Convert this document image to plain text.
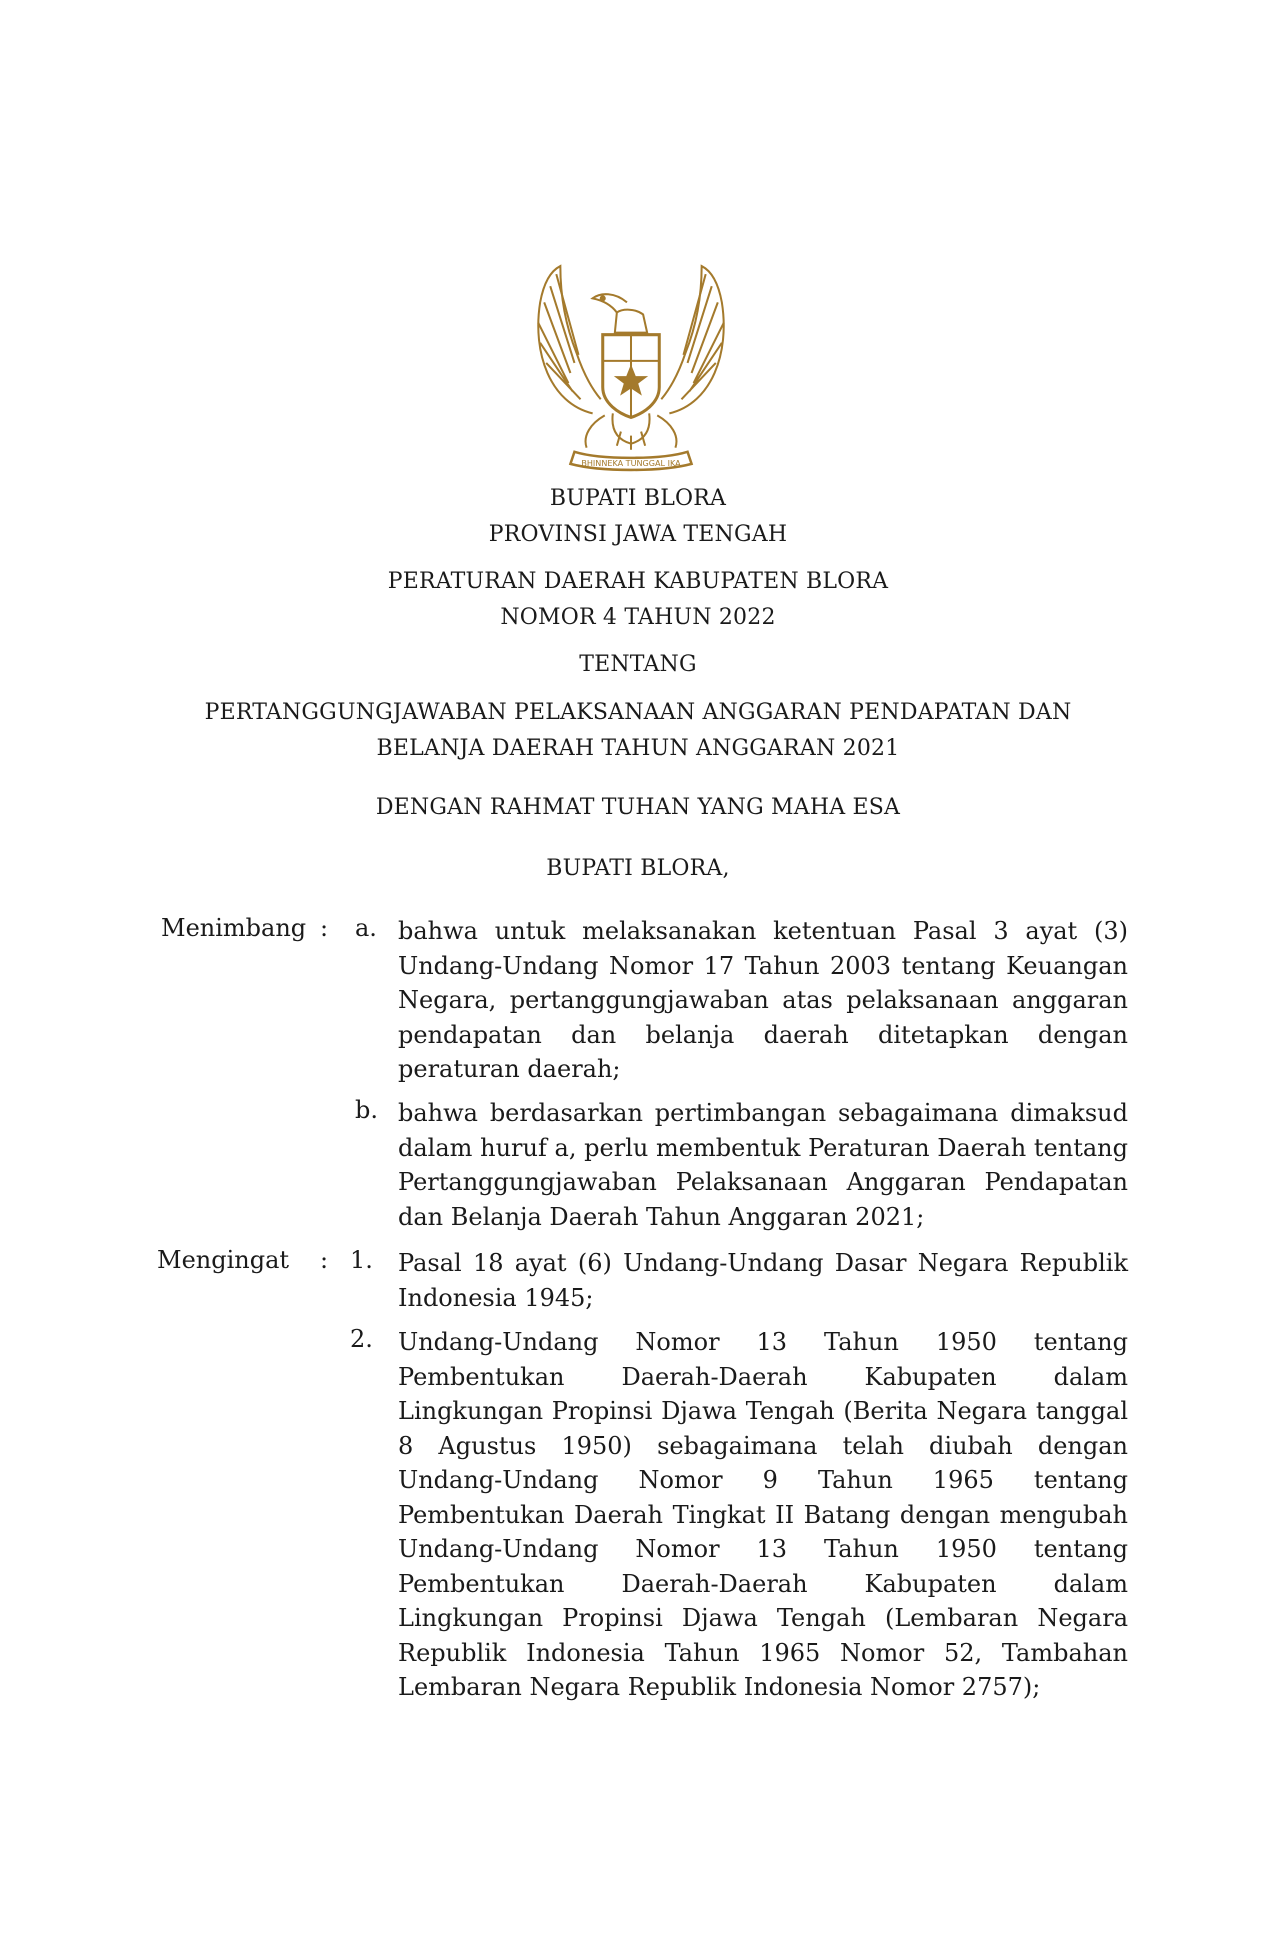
BHINNEKA TUNGGAL IKA
BUPATI BLORA
PROVINSI JAWA TENGAH
PERATURAN DAERAH KABUPATEN BLORA
NOMOR 4 TAHUN 2022
TENTANG
PERTANGGUNGJAWABAN PELAKSANAAN ANGGARAN PENDAPATAN DAN
BELANJA DAERAH TAHUN ANGGARAN 2021
DENGAN RAHMAT TUHAN YANG MAHA ESA
BUPATI BLORA,
Menimbang : a. bahwa untuk melaksanakan ketentuan Pasal 3 ayat (3) Undang-Undang Nomor 17 Tahun 2003 tentang Keuangan Negara, pertanggungjawaban atas pelaksanaan anggaran pendapatan dan belanja daerah ditetapkan dengan peraturan daerah;
b. bahwa berdasarkan pertimbangan sebagaimana dimaksud dalam huruf a, perlu membentuk Peraturan Daerah tentang Pertanggungjawaban Pelaksanaan Anggaran Pendapatan dan Belanja Daerah Tahun Anggaran 2021;
Mengingat : 1. Pasal 18 ayat (6) Undang-Undang Dasar Negara Republik Indonesia 1945;
2. Undang-Undang Nomor 13 Tahun 1950 tentang Pembentukan Daerah-Daerah Kabupaten dalam Lingkungan Propinsi Djawa Tengah (Berita Negara tanggal 8 Agustus 1950) sebagaimana telah diubah dengan Undang-Undang Nomor 9 Tahun 1965 tentang Pembentukan Daerah Tingkat II Batang dengan mengubah Undang-Undang Nomor 13 Tahun 1950 tentang Pembentukan Daerah-Daerah Kabupaten dalam Lingkungan Propinsi Djawa Tengah (Lembaran Negara Republik Indonesia Tahun 1965 Nomor 52, Tambahan Lembaran Negara Republik Indonesia Nomor 2757);
